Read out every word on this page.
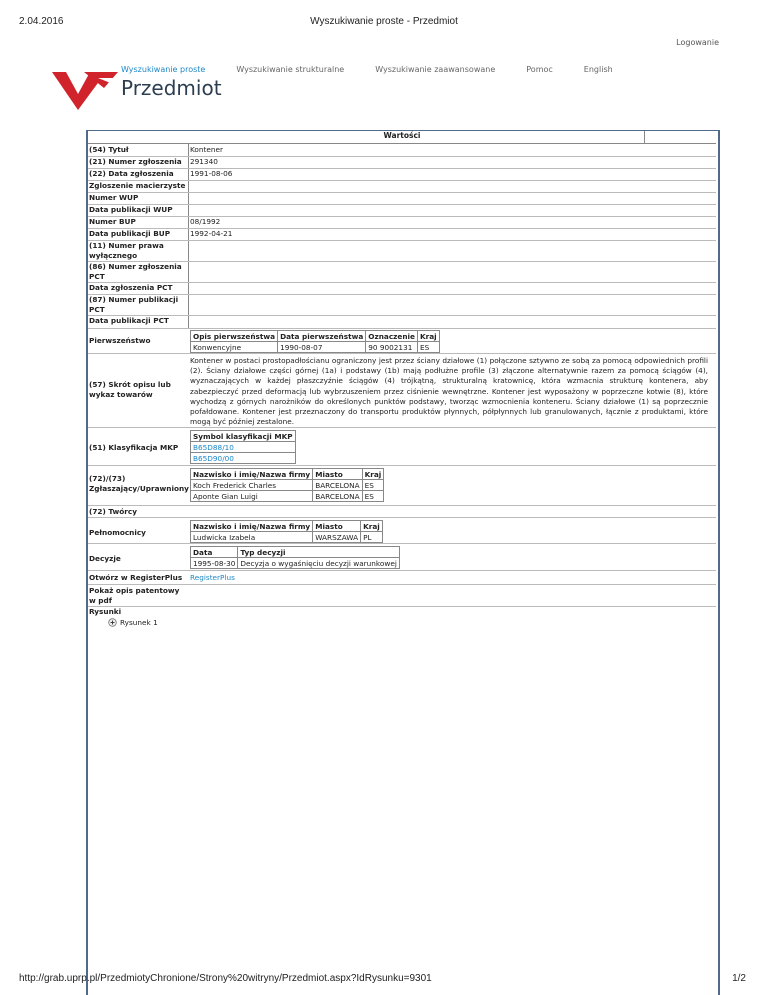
2.04.2016	Wyszukiwanie proste - Przedmiot
Logowanie
Wyszukiwanie proste	Wyszukiwanie strukturalne	Wyszukiwanie zaawansowane	Pomoc	English
Przedmiot
Wartości
(54) Tytuł	Kontener
(21) Numer zgłoszenia	291340
(22) Data zgłoszenia	1991-08-06
Zgloszenie macierzyste
Numer WUP
Data publikacji WUP
Numer BUP	08/1992
Data publikacji BUP	1992-04-21
(11) Numer prawa wyłącznego
(86) Numer zgłoszenia PCT
Data zgłoszenia PCT
(87) Numer publikacji PCT
Data publikacji PCT
Pierwszeństwo	Opis pierwszeństwa	Data pierwszeństwa	Oznaczenie	Kraj
Konwencyjne	1990-08-07	90 9002131	ES
(57) Skrót opisu lub wykaz towarów
Kontener w postaci prostopadłościanu ograniczony jest przez ściany działowe (1) połączone sztywno ze sobą za pomocą odpowiednich profili (2). Ściany działowe części górnej (1a) i podstawy (1b) mają podłużne profile (3) złączone alternatywnie razem za pomocą ściągów (4), wyznaczających w każdej płaszczyźnie ściągów (4) trójkątną, strukturalną kratownicę, która wzmacnia strukturę kontenera, aby zabezpieczyć przed deformacją lub wybrzuszeniem przez ciśnienie wewnętrzne. Kontener jest wyposażony w poprzeczne kotwie (8), które wychodzą z górnych narożników do określonych punktów podstawy, tworząc wzmocnienia konteneru. Ściany działowe (1) są poprzecznie pofałdowane. Kontener jest przeznaczony do transportu produktów płynnych, półpłynnych lub granulowanych, łącznie z produktami, które mogą być później zestalone.
(51) Klasyfikacja MKP
Symbol klasyfikacji MKP
B65D88/10
B65D90/00
(72)/(73) Zgłaszający/Uprawniony
Nazwisko i imię/Nazwa firmy	Miasto	Kraj
Koch Frederick Charles	BARCELONA	ES
Aponte Gian Luigi	BARCELONA	ES
(72) Twórcy
Pełnomocnicy
Nazwisko i imię/Nazwa firmy	Miasto	Kraj
Ludwicka Izabela	WARSZAWA	PL
Decyzje
Data	Typ decyzji
1995-08-30	Decyzja o wygaśnięciu decyzji warunkowej
Otwórz w RegisterPlus	RegisterPlus
Pokaż opis patentowy w pdf
Rysunki
Rysunek 1
http://grab.uprp.pl/PrzedmiotyChronione/Strony%20witryny/Przedmiot.aspx?IdRysunku=9301	1/2
